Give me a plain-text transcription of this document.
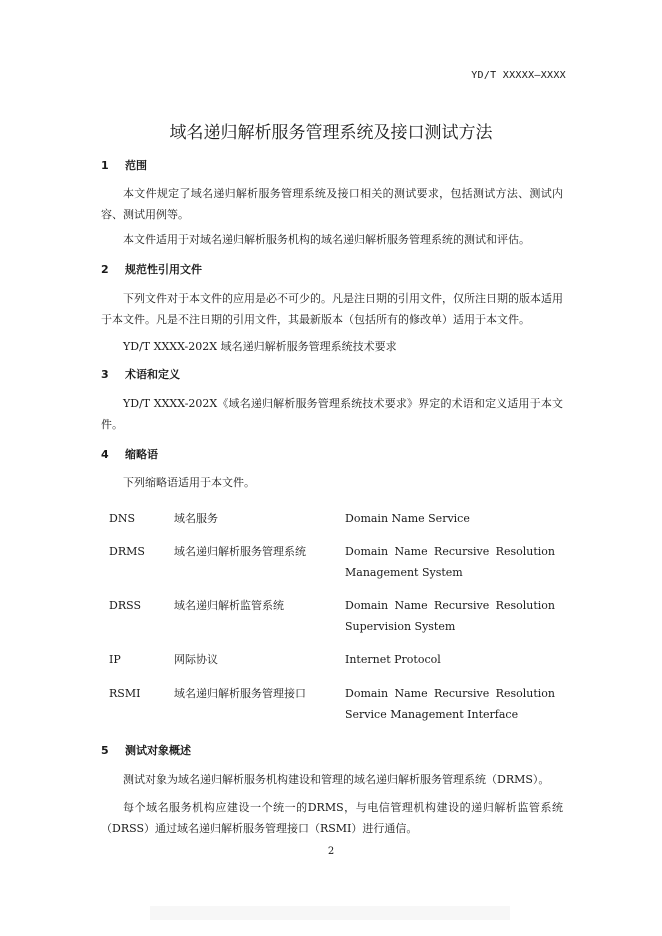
YD/T XXXXX—XXXX
域名递归解析服务管理系统及接口测试方法
1 范围
本文件规定了域名递归解析服务管理系统及接口相关的测试要求，包括测试方法、测试内容、测试用例等。
本文件适用于对域名递归解析服务机构的域名递归解析服务管理系统的测试和评估。
2 规范性引用文件
下列文件对于本文件的应用是必不可少的。凡是注日期的引用文件，仅所注日期的版本适用于本文件。凡是不注日期的引用文件，其最新版本（包括所有的修改单）适用于本文件。
YD/T XXXX-202X 域名递归解析服务管理系统技术要求
3 术语和定义
YD/T XXXX-202X《域名递归解析服务管理系统技术要求》界定的术语和定义适用于本文件。
4 缩略语
下列缩略语适用于本文件。
DNS	域名服务	Domain Name Service
DRMS	域名递归解析服务管理系统	Domain Name Recursive Resolution
Management System
DRSS	域名递归解析监管系统	Domain Name Recursive Resolution
Supervision System
IP	网际协议	Internet Protocol
RSMI	域名递归解析服务管理接口	Domain Name Recursive Resolution
Service Management Interface
5 测试对象概述
测试对象为域名递归解析服务机构建设和管理的域名递归解析服务管理系统（DRMS）。
每个域名服务机构应建设一个统一的DRMS，与电信管理机构建设的递归解析监管系统（DRSS）通过域名递归解析服务管理接口（RSMI）进行通信。
2
